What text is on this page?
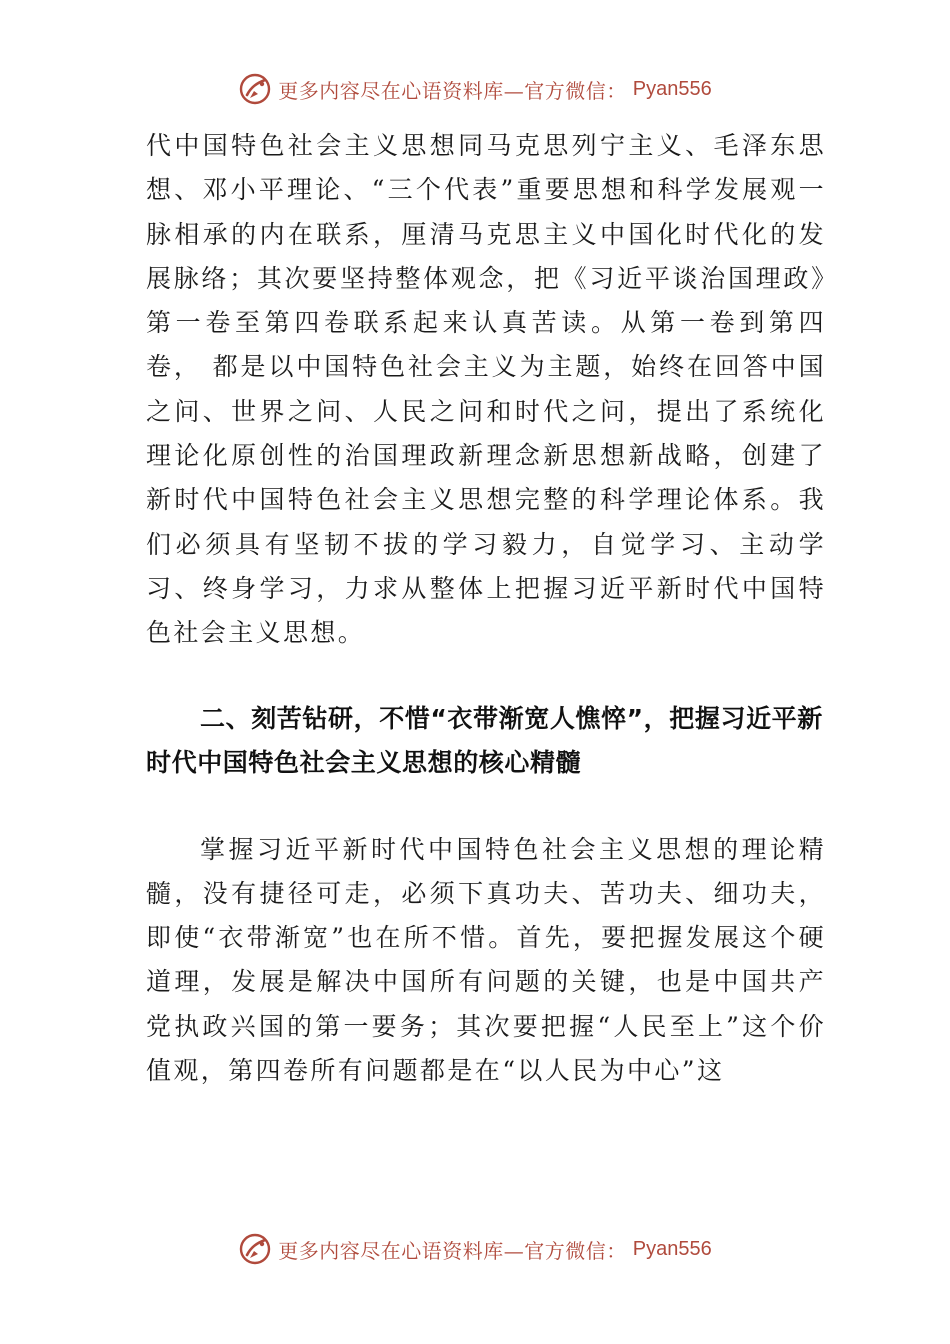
更多内容尽在心语资料库—官方微信： Pyan556

代中国特色社会主义思想同马克思列宁主义、毛泽东思想、邓小平理论、“三个代表”重要思想和科学发展观一脉相承的内在联系，厘清马克思主义中国化时代化的发展脉络；其次要坚持整体观念，把《习近平谈治国理政》第一卷至第四卷联系起来认真苦读。从第一卷到第四卷， 都是以中国特色社会主义为主题，始终在回答中国之问、世界之问、人民之问和时代之问，提出了系统化理论化原创性的治国理政新理念新思想新战略，创建了新时代中国特色社会主义思想完整的科学理论体系。我们必须具有坚韧不拔的学习毅力，自觉学习、主动学习、终身学习，力求从整体上把握习近平新时代中国特色社会主义思想。

二、刻苦钻研，不惜“衣带渐宽人憔悴”，把握习近平新时代中国特色社会主义思想的核心精髓

掌握习近平新时代中国特色社会主义思想的理论精髓，没有捷径可走，必须下真功夫、苦功夫、细功夫，即使“衣带渐宽”也在所不惜。首先，要把握发展这个硬道理，发展是解决中国所有问题的关键，也是中国共产党执政兴国的第一要务；其次要把握“人民至上”这个价值观，第四卷所有问题都是在“以人民为中心”这

更多内容尽在心语资料库—官方微信： Pyan556
